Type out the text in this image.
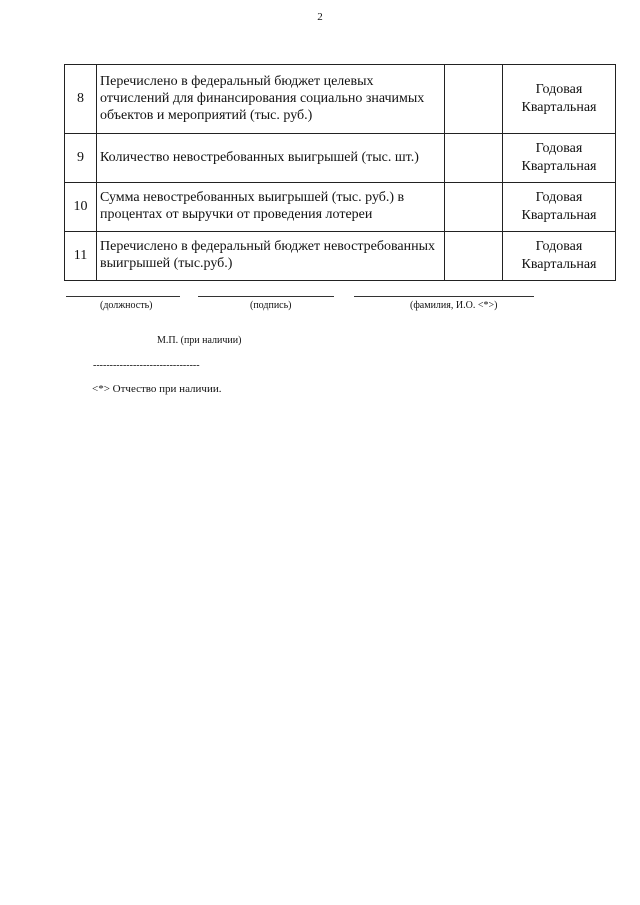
2
8	Перечислено в федеральный бюджет целевых отчислений для финансирования социально значимых объектов и мероприятий (тыс. руб.)		Годовая
Квартальная

9	Количество невостребованных выигрышей (тыс. шт.)		Годовая
Квартальная

10	Сумма невостребованных выигрышей (тыс. руб.) в процентах от выручки от проведения лотереи		Годовая
Квартальная

11	Перечислено в федеральный бюджет невостребованных выигрышей (тыс.руб.)		Годовая
Квартальная
(должность)	(подпись)	(фамилия, И.О. <*>)
М.П. (при наличии)
--------------------------------
<*> Отчество при наличии.
